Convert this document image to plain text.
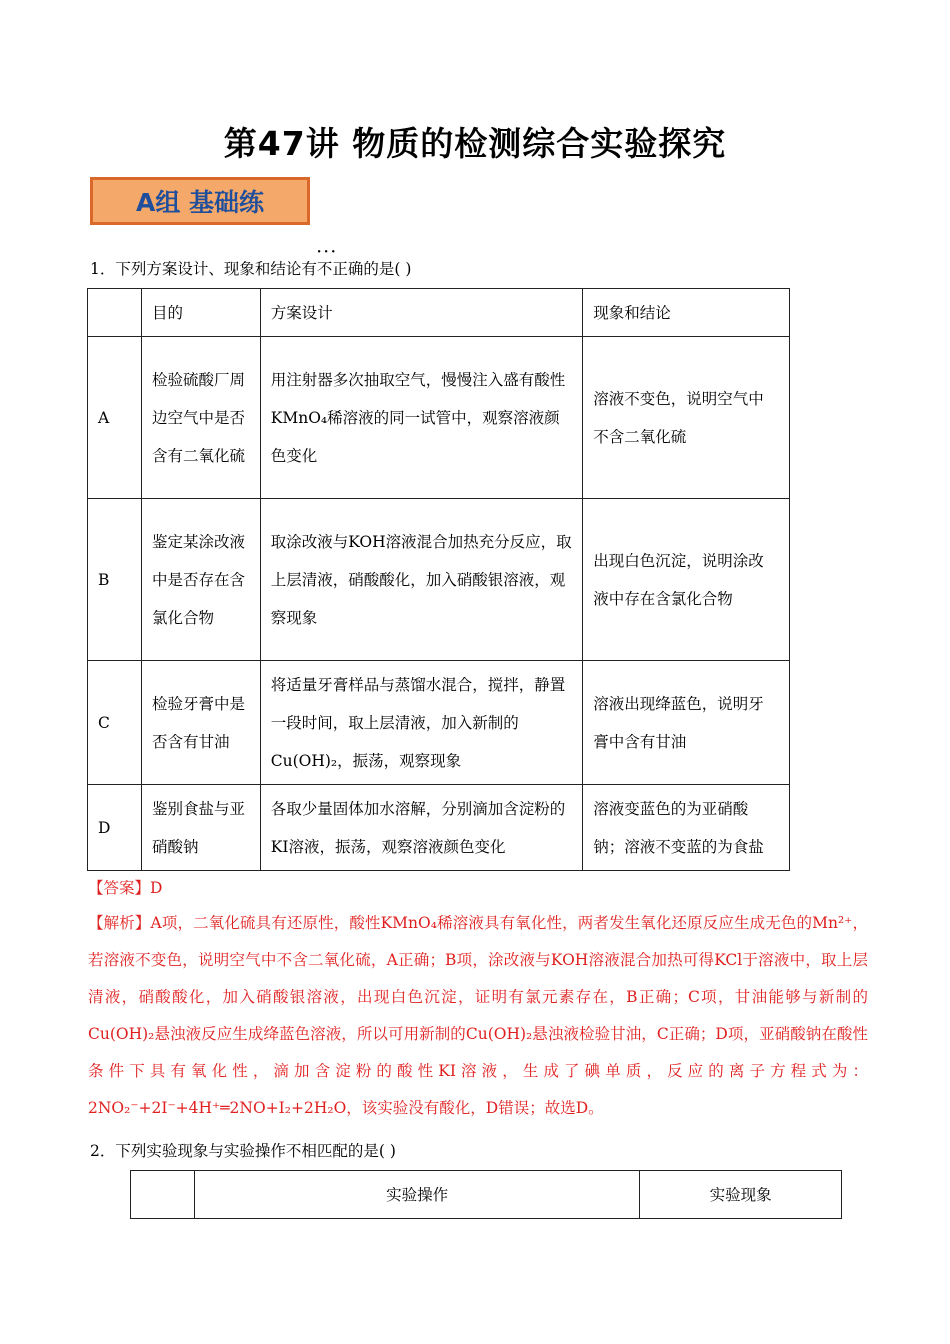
第47讲 物质的检测综合实验探究
A组 基础练
1．下列方案设计、现象和结论有· · · 不正确的是( )
	目的	方案设计	现象和结论
A	检验硫酸厂周边空气中是否含有二氧化硫	用注射器多次抽取空气，慢慢注入盛有酸性KMnO₄稀溶液的同一试管中，观察溶液颜色变化	溶液不变色，说明空气中不含二氧化硫
B	鉴定某涂改液中是否存在含氯化合物	取涂改液与KOH溶液混合加热充分反应，取上层清液，硝酸酸化，加入硝酸银溶液，观察现象	出现白色沉淀，说明涂改液中存在含氯化合物
C	检验牙膏中是否含有甘油	将适量牙膏样品与蒸馏水混合，搅拌，静置一段时间，取上层清液，加入新制的Cu(OH)₂，振荡，观察现象	溶液出现绛蓝色，说明牙膏中含有甘油
D	鉴别食盐与亚硝酸钠	各取少量固体加水溶解，分别滴加含淀粉的KI溶液，振荡，观察溶液颜色变化	溶液变蓝色的为亚硝酸钠；溶液不变蓝的为食盐
【答案】D
【解析】A项，二氧化硫具有还原性，酸性KMnO₄稀溶液具有氧化性，两者发生氧化还原反应生成无色的Mn²⁺，若溶液不变色，说明空气中不含二氧化硫，A正确；B项，涂改液与KOH溶液混合加热可得KCl于溶液中，取上层清液，硝酸酸化，加入硝酸银溶液，出现白色沉淀，证明有氯元素存在，B正确；C项，甘油能够与新制的Cu(OH)₂悬浊液反应生成绛蓝色溶液，所以可用新制的Cu(OH)₂悬浊液检验甘油，C正确；D项，亚硝酸钠在酸性条件下具有氧化性，滴加含淀粉的酸性KI溶液，生成了碘单质，反应的离子方程式为：2NO₂⁻+2I⁻+4H⁺═2NO+I₂+2H₂O，该实验没有酸化，D错误；故选D。
2．下列实验现象与实验操作不相匹配的是( )
	实验操作	实验现象
